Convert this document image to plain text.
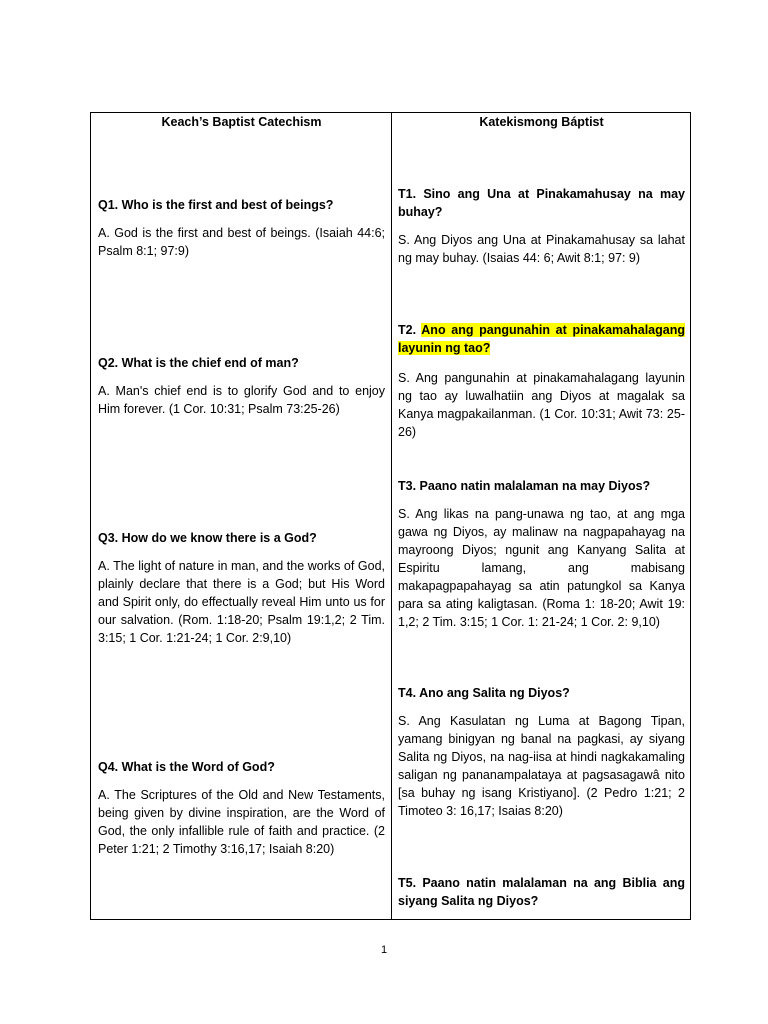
Keach’s Baptist Catechism	Katekismong Báptist

Q1. Who is the first and best of beings?

A. God is the first and best of beings. (Isaiah 44:6; Psalm 8:1; 97:9)

Q2. What is the chief end of man?

A. Man's chief end is to glorify God and to enjoy Him forever. (1 Cor. 10:31; Psalm 73:25-26)

Q3. How do we know there is a God?

A. The light of nature in man, and the works of God, plainly declare that there is a God; but His Word and Spirit only, do effectually reveal Him unto us for our salvation. (Rom. 1:18-20; Psalm 19:1,2; 2 Tim. 3:15; 1 Cor. 1:21-24; 1 Cor. 2:9,10)

Q4. What is the Word of God?

A. The Scriptures of the Old and New Testaments, being given by divine inspiration, are the Word of God, the only infallible rule of faith and practice. (2 Peter 1:21; 2 Timothy 3:16,17; Isaiah 8:20)

T1. Sino ang Una at Pinakamahusay na may buhay?

S. Ang Diyos ang Una at Pinakamahusay sa lahat ng may buhay. (Isaias 44: 6; Awit 8:1; 97: 9)

T2. Ano ang pangunahin at pinakamahalagang layunin ng tao?

S. Ang pangunahin at pinakamahalagang layunin ng tao ay luwalhatiin ang Diyos at magalak sa Kanya magpakailanman. (1 Cor. 10:31; Awit 73: 25-26)

T3. Paano natin malalaman na may Diyos?

S. Ang likas na pang-unawa ng tao, at ang mga gawa ng Diyos, ay malinaw na nagpapahayag na mayroong Diyos; ngunit ang Kanyang Salita at Espiritu lamang, ang mabisang makapagpapahayag sa atin patungkol sa Kanya para sa ating kaligtasan. (Roma 1: 18-20; Awit 19: 1,2; 2 Tim. 3:15; 1 Cor. 1: 21-24; 1 Cor. 2: 9,10)

T4. Ano ang Salita ng Diyos?

S. Ang Kasulatan ng Luma at Bagong Tipan, yamang binigyan ng banal na pagkasi, ay siyang Salita ng Diyos, na nag-iisa at hindi nagkakamaling saligan ng pananampalataya at pagsasagawâ nito [sa buhay ng isang Kristiyano]. (2 Pedro 1:21; 2 Timoteo 3: 16,17; Isaias 8:20)

T5. Paano natin malalaman na ang Biblia ang siyang Salita ng Diyos?

1
